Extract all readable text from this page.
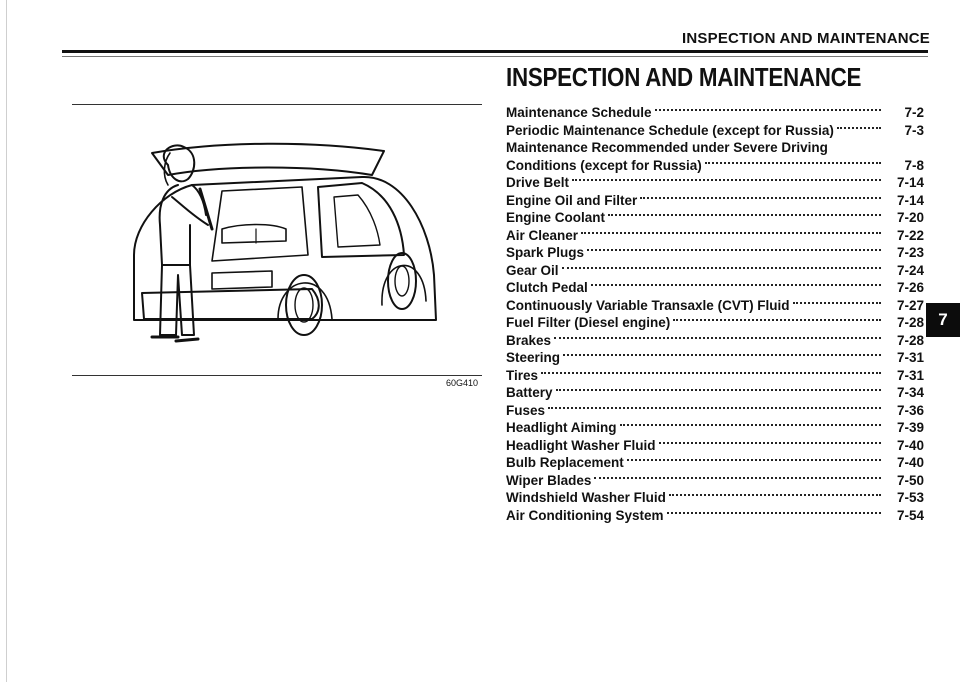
INSPECTION AND MAINTENANCE
INSPECTION AND MAINTENANCE
60G410
Maintenance Schedule	7-2
Periodic Maintenance Schedule (except for Russia)	7-3
Maintenance Recommended under Severe Driving
Conditions (except for Russia)	7-8
Drive Belt	7-14
Engine Oil and Filter	7-14
Engine Coolant	7-20
Air Cleaner	7-22
Spark Plugs	7-23
Gear Oil	7-24
Clutch Pedal	7-26
Continuously Variable Transaxle (CVT) Fluid	7-27
Fuel Filter (Diesel engine)	7-28
Brakes	7-28
Steering	7-31
Tires	7-31
Battery	7-34
Fuses	7-36
Headlight Aiming	7-39
Headlight Washer Fluid	7-40
Bulb Replacement	7-40
Wiper Blades	7-50
Windshield Washer Fluid	7-53
Air Conditioning System	7-54
7
